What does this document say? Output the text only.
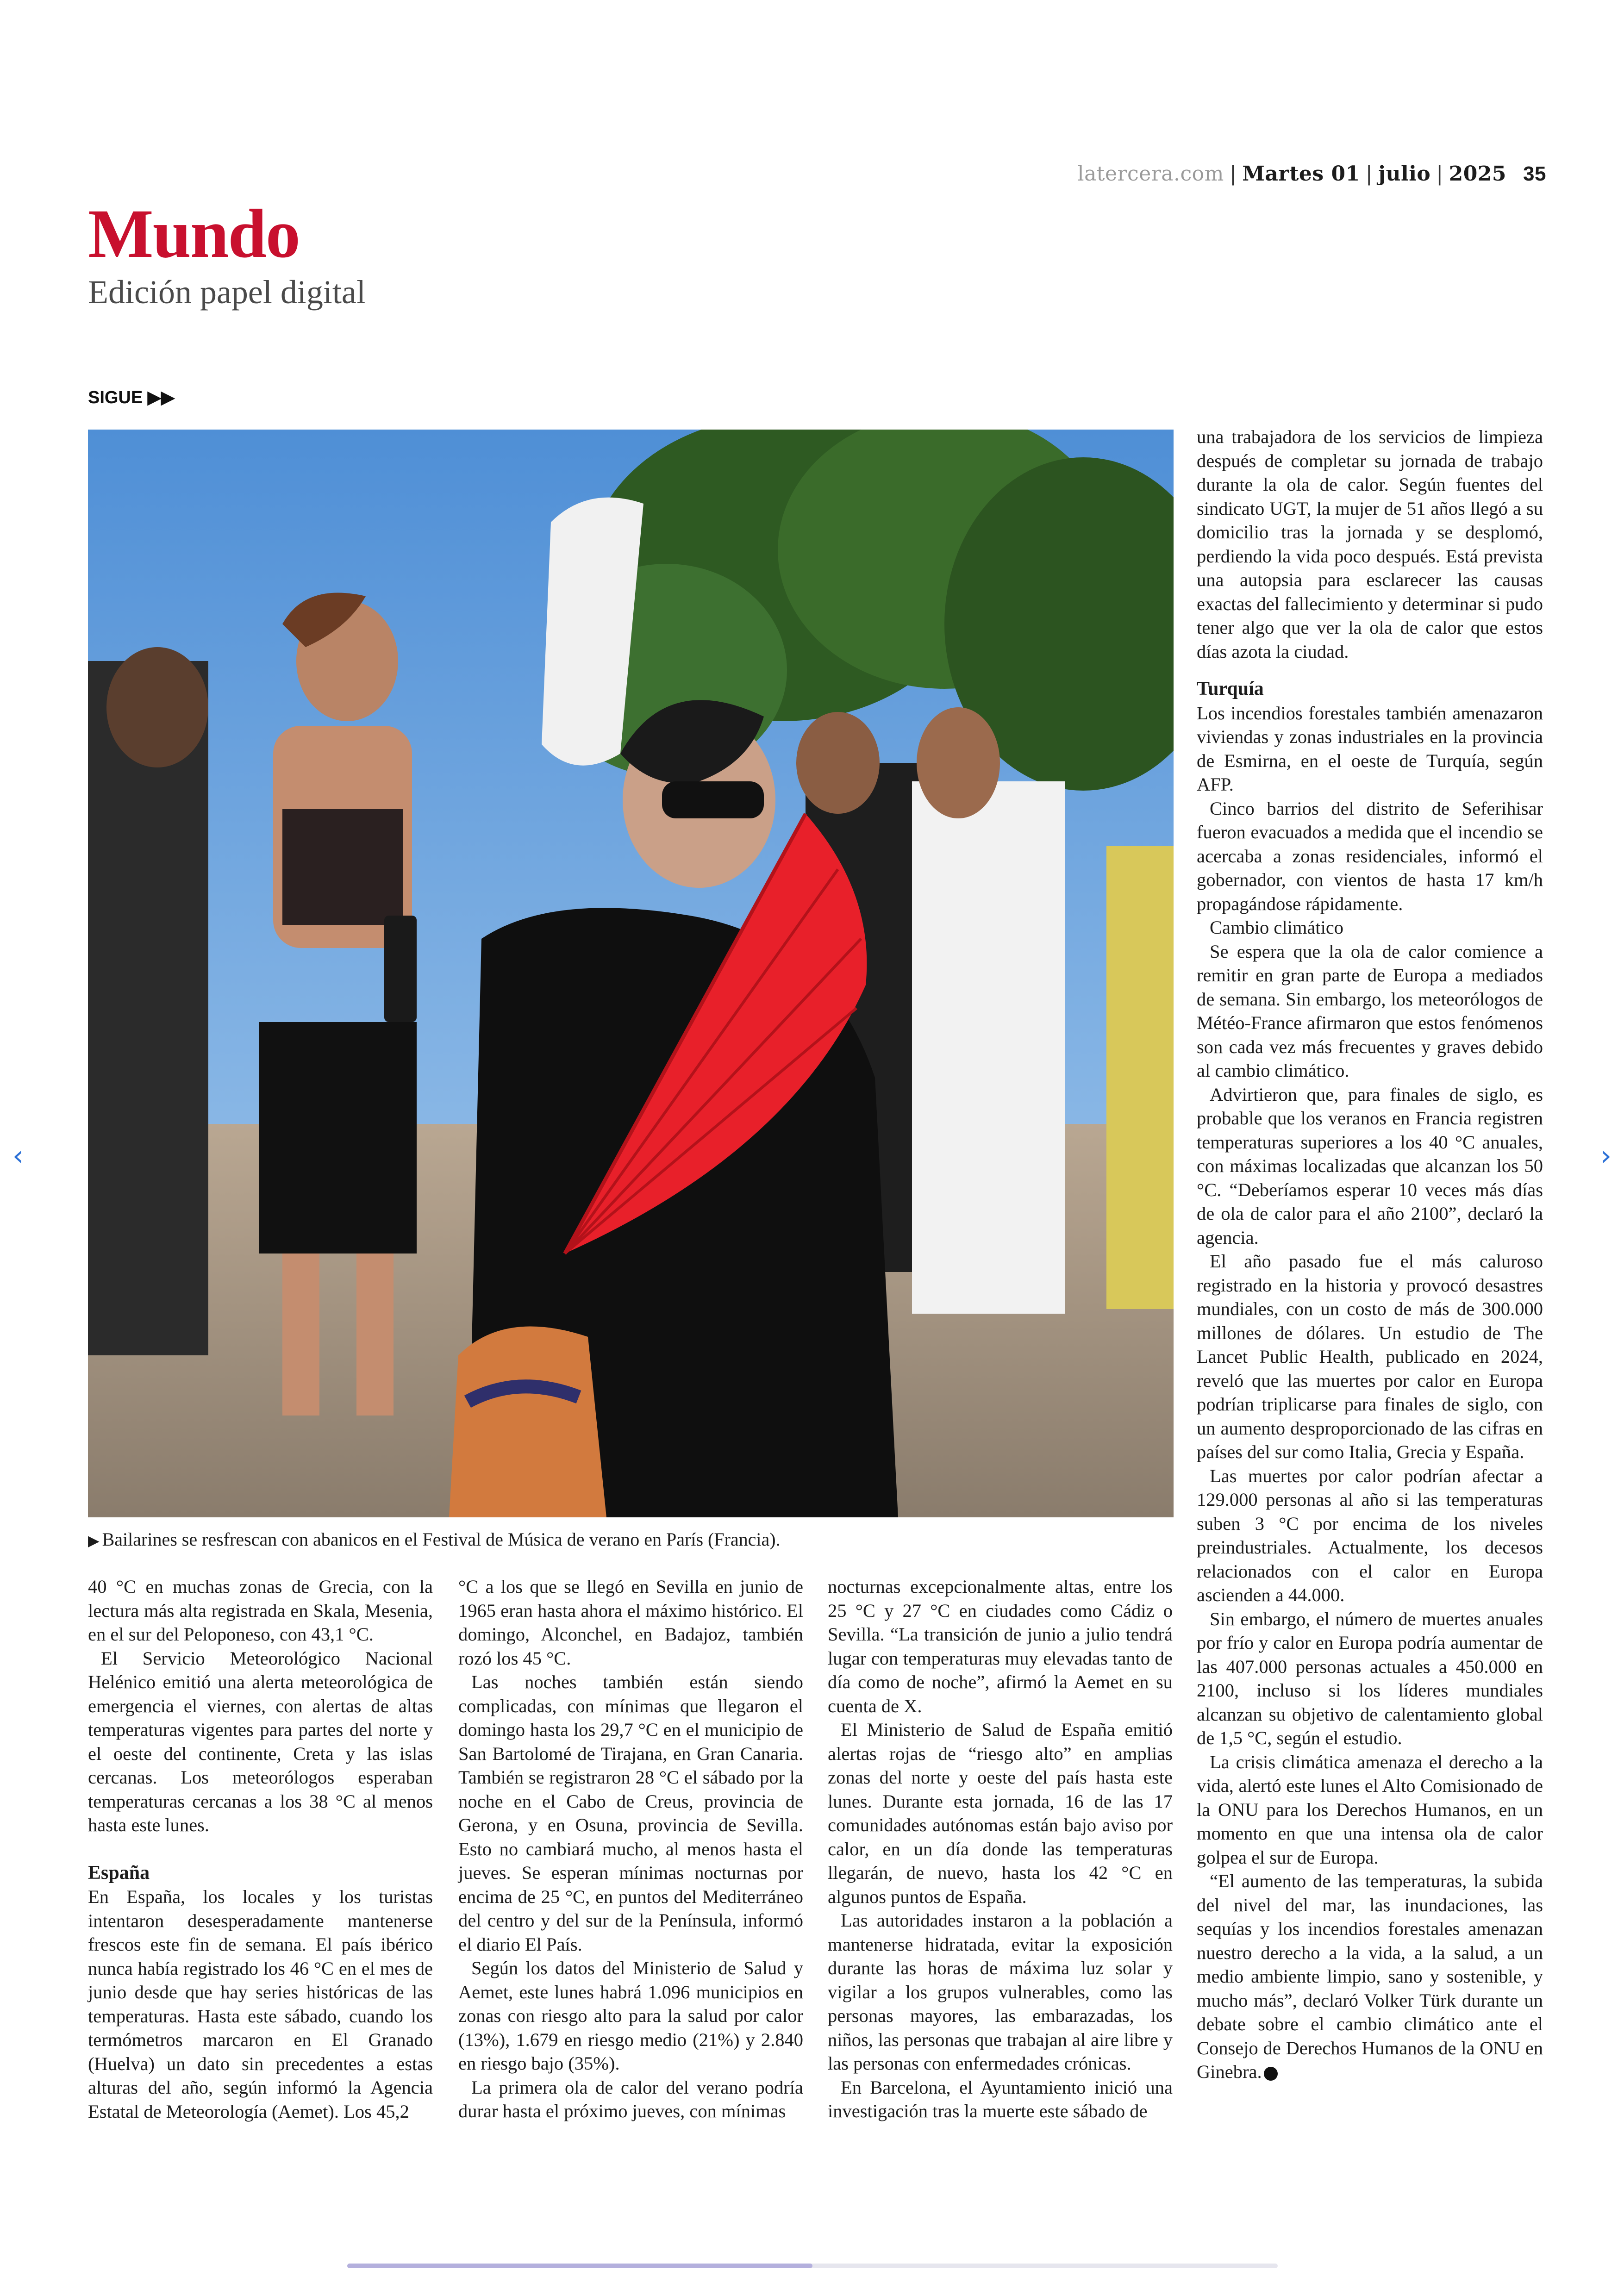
latercera.com | Martes 01 | julio | 2025 35
Mundo
Edición papel digital
SIGUE ▶▶
▶ Bailarines se resfrescan con abanicos en el Festival de Música de verano en París (Francia).

40 °C en muchas zonas de Grecia, con la lectura más alta registrada en Skala, Mesenia, en el sur del Peloponeso, con 43,1 °C.

El Servicio Meteorológico Nacional Helénico emitió una alerta meteorológica de emergencia el viernes, con alertas de altas temperaturas vigentes para partes del norte y el oeste del continente, Creta y las islas cercanas. Los meteorólogos esperaban temperaturas cercanas a los 38 °C al menos hasta este lunes.

España

En España, los locales y los turistas intentaron desesperadamente mantenerse frescos este fin de semana. El país ibérico nunca había registrado los 46 °C en el mes de junio desde que hay series históricas de las temperaturas. Hasta este sábado, cuando los termómetros marcaron en El Granado (Huelva) un dato sin precedentes a estas alturas del año, según informó la Agencia Estatal de Meteorología (Aemet). Los 45,2

°C a los que se llegó en Sevilla en junio de 1965 eran hasta ahora el máximo histórico. El domingo, Alconchel, en Badajoz, también rozó los 45 °C.

Las noches también están siendo complicadas, con mínimas que llegaron el domingo hasta los 29,7 °C en el municipio de San Bartolomé de Tirajana, en Gran Canaria. También se registraron 28 °C el sábado por la noche en el Cabo de Creus, provincia de Gerona, y en Osuna, provincia de Sevilla. Esto no cambiará mucho, al menos hasta el jueves. Se esperan mínimas nocturnas por encima de 25 °C, en puntos del Mediterráneo del centro y del sur de la Península, informó el diario El País.

Según los datos del Ministerio de Salud y Aemet, este lunes habrá 1.096 municipios en zonas con riesgo alto para la salud por calor (13%), 1.679 en riesgo medio (21%) y 2.840 en riesgo bajo (35%).

La primera ola de calor del verano podría durar hasta el próximo jueves, con mínimas

nocturnas excepcionalmente altas, entre los 25 °C y 27 °C en ciudades como Cádiz o Sevilla. “La transición de junio a julio tendrá lugar con temperaturas muy elevadas tanto de día como de noche”, afirmó la Aemet en su cuenta de X.

El Ministerio de Salud de España emitió alertas rojas de “riesgo alto” en amplias zonas del norte y oeste del país hasta este lunes. Durante esta jornada, 16 de las 17 comunidades autónomas están bajo aviso por calor, en un día donde las temperaturas llegarán, de nuevo, hasta los 42 °C en algunos puntos de España.

Las autoridades instaron a la población a mantenerse hidratada, evitar la exposición durante las horas de máxima luz solar y vigilar a los grupos vulnerables, como las personas mayores, las embarazadas, los niños, las personas que trabajan al aire libre y las personas con enfermedades crónicas.

En Barcelona, el Ayuntamiento inició una investigación tras la muerte este sábado de

una trabajadora de los servicios de limpieza después de completar su jornada de trabajo durante la ola de calor. Según fuentes del sindicato UGT, la mujer de 51 años llegó a su domicilio tras la jornada y se desplomó, perdiendo la vida poco después. Está prevista una autopsia para esclarecer las causas exactas del fallecimiento y determinar si pudo tener algo que ver la ola de calor que estos días azota la ciudad.

Turquía

Los incendios forestales también amenazaron viviendas y zonas industriales en la provincia de Esmirna, en el oeste de Turquía, según AFP.

Cinco barrios del distrito de Seferihisar fueron evacuados a medida que el incendio se acercaba a zonas residenciales, informó el gobernador, con vientos de hasta 17 km/h propagándose rápidamente.

Cambio climático

Se espera que la ola de calor comience a remitir en gran parte de Europa a mediados de semana. Sin embargo, los meteorólogos de Météo-France afirmaron que estos fenómenos son cada vez más frecuentes y graves debido al cambio climático.

Advirtieron que, para finales de siglo, es probable que los veranos en Francia registren temperaturas superiores a los 40 °C anuales, con máximas localizadas que alcanzan los 50 °C. “Deberíamos esperar 10 veces más días de ola de calor para el año 2100”, declaró la agencia.

El año pasado fue el más caluroso registrado en la historia y provocó desastres mundiales, con un costo de más de 300.000 millones de dólares. Un estudio de The Lancet Public Health, publicado en 2024, reveló que las muertes por calor en Europa podrían triplicarse para finales de siglo, con un aumento desproporcionado de las cifras en países del sur como Italia, Grecia y España.

Las muertes por calor podrían afectar a 129.000 personas al año si las temperaturas suben 3 °C por encima de los niveles preindustriales. Actualmente, los decesos relacionados con el calor en Europa ascienden a 44.000.

Sin embargo, el número de muertes anuales por frío y calor en Europa podría aumentar de las 407.000 personas actuales a 450.000 en 2100, incluso si los líderes mundiales alcanzan su objetivo de calentamiento global de 1,5 °C, según el estudio.

La crisis climática amenaza el derecho a la vida, alertó este lunes el Alto Comisionado de la ONU para los Derechos Humanos, en un momento en que una intensa ola de calor golpea el sur de Europa.

“El aumento de las temperaturas, la subida del nivel del mar, las inundaciones, las sequías y los incendios forestales amenazan nuestro derecho a la vida, a la salud, a un medio ambiente limpio, sano y sostenible, y mucho más”, declaró Volker Türk durante un debate sobre el cambio climático ante el Consejo de Derechos Humanos de la ONU en Ginebra.

‹	›
